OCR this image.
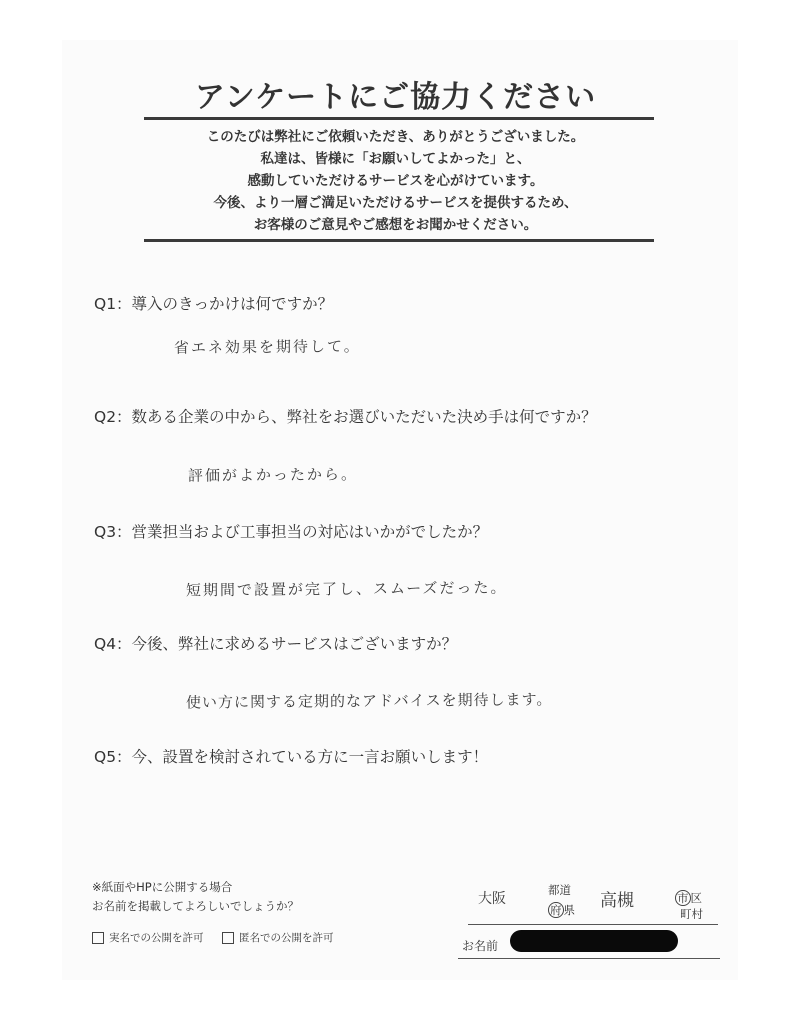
アンケートにご協力ください
このたびは弊社にご依頼いただき、ありがとうございました。
私達は、皆様に「お願いしてよかった」と、
感動していただけるサービスを心がけています。
今後、より一層ご満足いただけるサービスを提供するため、
お客様のご意見やご感想をお聞かせください。
Q1：導入のきっかけは何ですか？
省エネ効果を期待して。
Q2：数ある企業の中から、弊社をお選びいただいた決め手は何ですか？
評価がよかったから。
Q3：営業担当および工事担当の対応はいかがでしたか？
短期間で設置が完了し、スムーズだった。
Q4：今後、弊社に求めるサービスはございますか？
使い方に関する定期的なアドバイスを期待します。
Q5：今、設置を検討されている方に一言お願いします！
※紙面やHPに公開する場合
お名前を掲載してよろしいでしょうか？
実名での公開を許可	匿名での公開を許可
大阪
都道
府 県 高槻	市 区
町村
お名前
